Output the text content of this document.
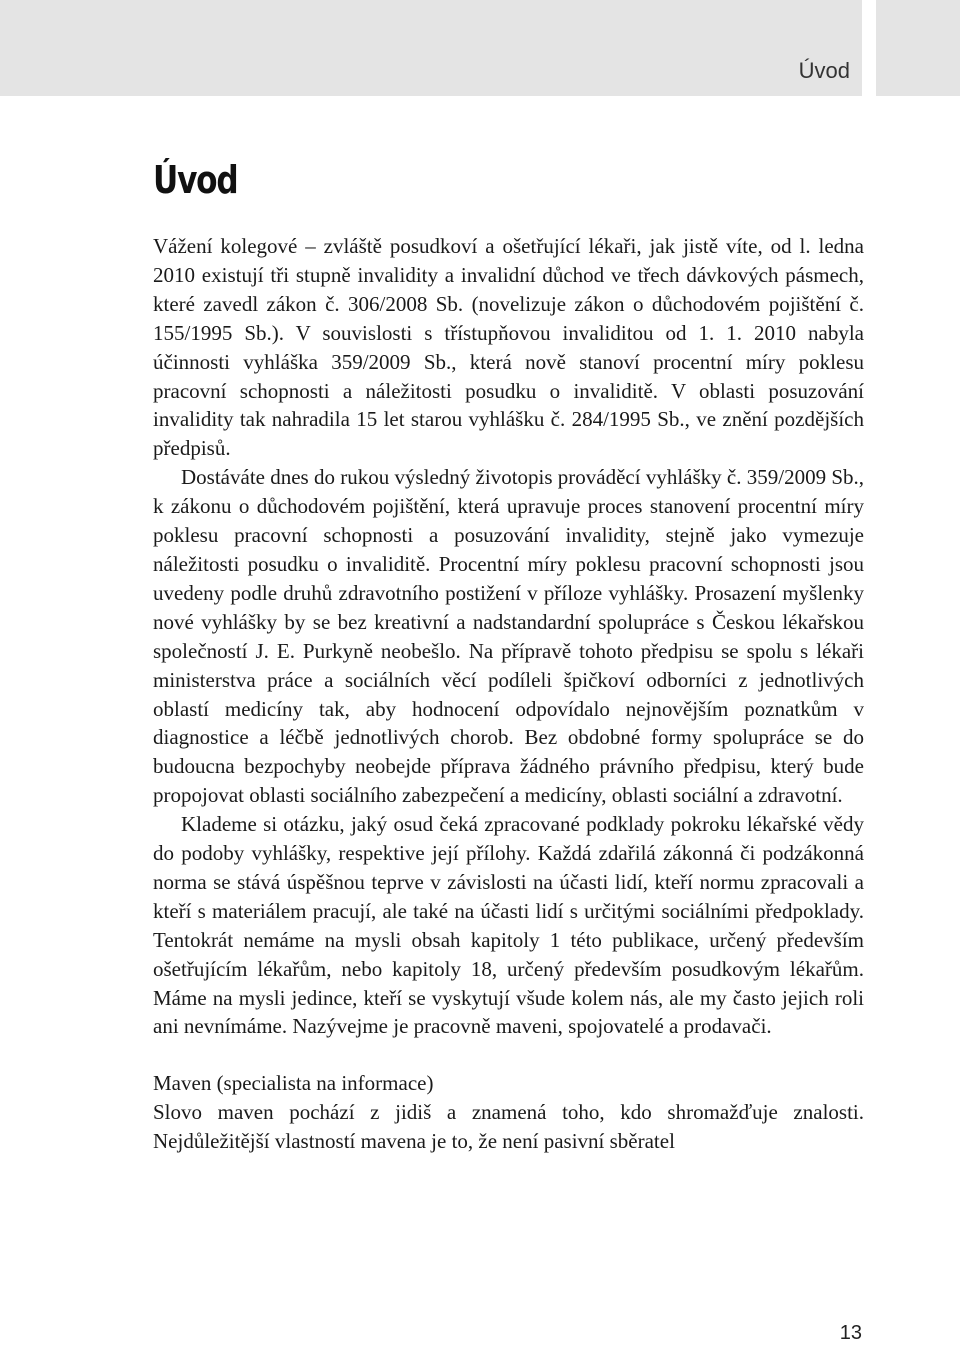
Úvod

Úvod

Vážení kolegové – zvláště posudkoví a ošetřující lékaři, jak jistě víte, od l. ledna 2010 existují tři stupně invalidity a invalidní důchod ve třech dávkových pásmech, které zavedl zákon č. 306/2008 Sb. (novelizuje zákon o důchodovém pojištění č. 155/1995 Sb.). V souvislosti s třístupňovou invaliditou od 1. 1. 2010 nabyla účinnosti vyhláška 359/2009 Sb., která nově stanoví procentní míry poklesu pracovní schopnosti a náležitosti posudku o invaliditě. V oblasti posuzování invalidity tak nahradila 15 let starou vyhlášku č. 284/1995 Sb., ve znění pozdějších předpisů.

Dostáváte dnes do rukou výsledný životopis prováděcí vyhlášky č. 359/2009 Sb., k zákonu o důchodovém pojištění, která upravuje proces stanovení procentní míry poklesu pracovní schopnosti a posuzování invalidity, stejně jako vymezuje náležitosti posudku o invaliditě. Procentní míry poklesu pracovní schopnosti jsou uvedeny podle druhů zdravotního postižení v příloze vyhlášky. Prosazení myšlenky nové vyhlášky by se bez kreativní a nadstandardní spolupráce s Českou lékařskou společností J. E. Purkyně neobešlo. Na přípravě tohoto předpisu se spolu s lékaři ministerstva práce a sociálních věcí podíleli špičkoví odborníci z jednotlivých oblastí medicíny tak, aby hodnocení odpovídalo nejnovějším poznatkům v diagnostice a léčbě jednotlivých chorob. Bez obdobné formy spolupráce se do budoucna bezpochyby neobejde příprava žádného právního předpisu, který bude propojovat oblasti sociálního zabezpečení a medicíny, oblasti sociální a zdravotní.

Klademe si otázku, jaký osud čeká zpracované podklady pokroku lékařské vědy do podoby vyhlášky, respektive její přílohy. Každá zdařilá zákonná či podzákonná norma se stává úspěšnou teprve v závislosti na účasti lidí, kteří normu zpracovali a kteří s materiálem pracují, ale také na účasti lidí s určitými sociálními předpoklady. Tentokrát nemáme na mysli obsah kapitoly 1 této publikace, určený především ošetřujícím lékařům, nebo kapitoly 18, určený především posudkovým lékařům. Máme na mysli jedince, kteří se vyskytují všude kolem nás, ale my často jejich roli ani nevnímáme. Nazývejme je pracovně maveni, spojovatelé a prodavači.

Maven (specialista na informace)

Slovo maven pochází z jidiš a znamená toho, kdo shromažďuje znalosti. Nejdůležitější vlastností mavena je to, že není pasivní sběratel

13
